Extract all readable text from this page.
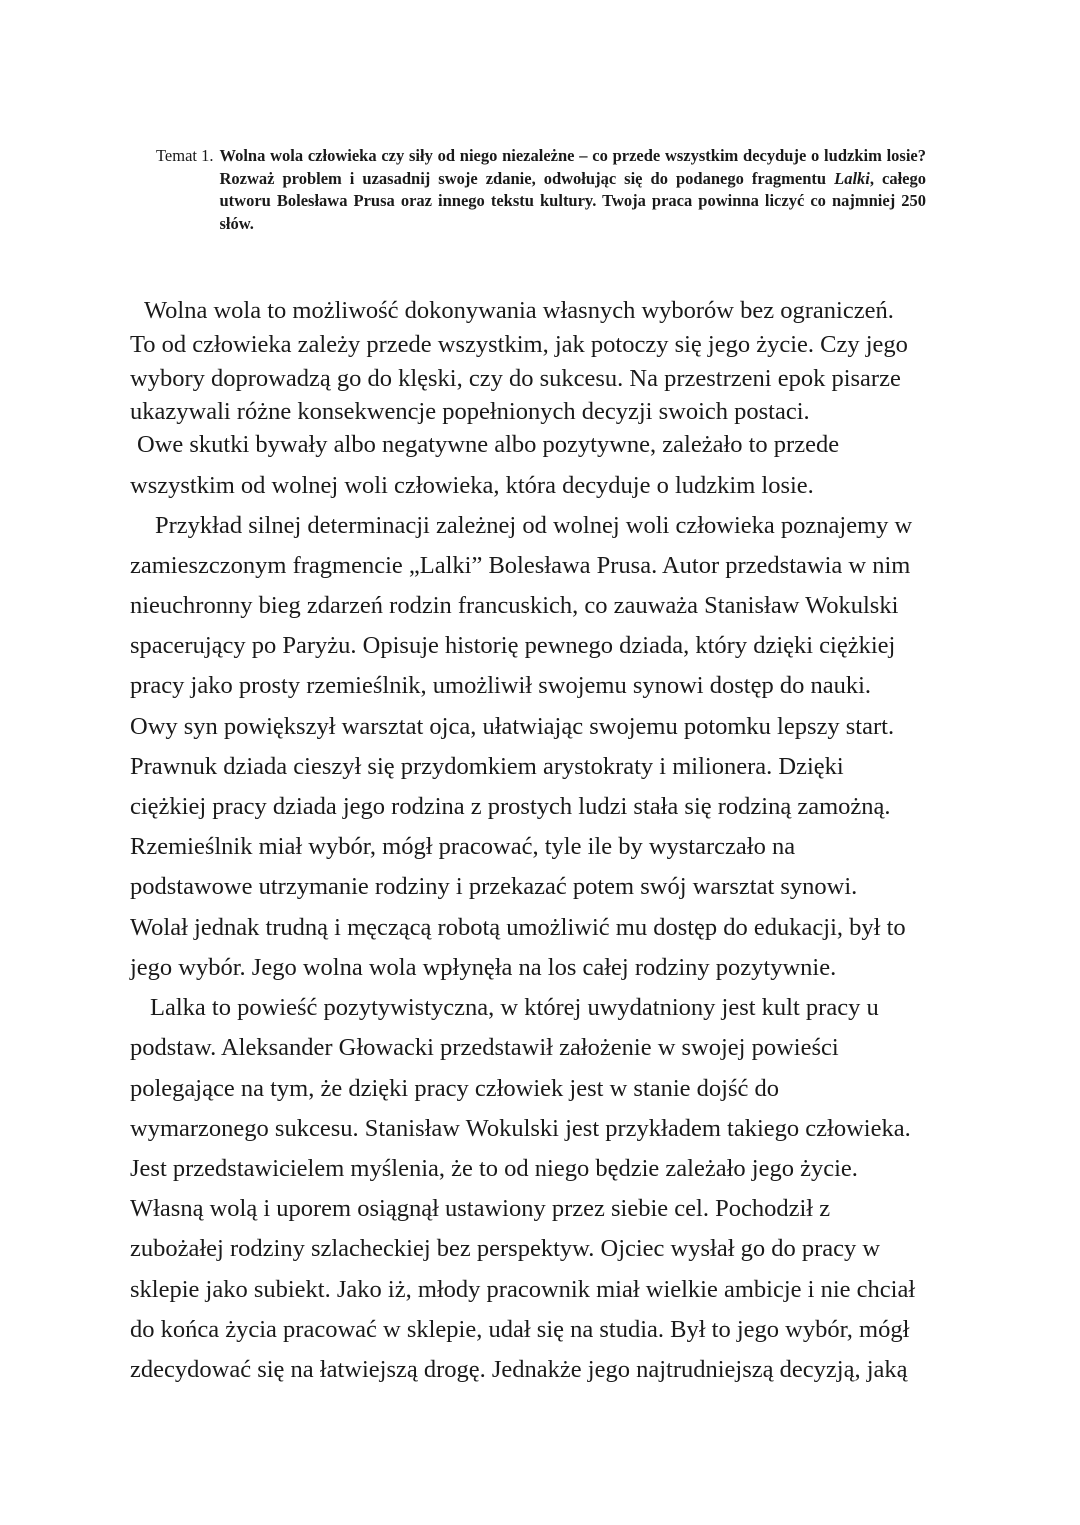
Temat 1. Wolna wola człowieka czy siły od niego niezależne – co przede wszystkim decyduje o ludzkim losie? Rozważ problem i uzasadnij swoje zdanie, odwołując się do podanego fragmentu Lalki, całego utworu Bolesława Prusa oraz innego tekstu kultury. Twoja praca powinna liczyć co najmniej 250 słów.
Wolna wola to możliwość dokonywania własnych wyborów bez ograniczeń.
To od człowieka zależy przede wszystkim, jak potoczy się jego życie. Czy jego
wybory doprowadzą go do klęski, czy do sukcesu. Na przestrzeni epok pisarze
ukazywali różne konsekwencje popełnionych decyzji swoich postaci.
Owe skutki bywały albo negatywne albo pozytywne, zależało to przede
wszystkim od wolnej woli człowieka, która decyduje o ludzkim losie.
Przykład silnej determinacji zależnej od wolnej woli człowieka poznajemy w
zamieszczonym fragmencie „Lalki” Bolesława Prusa. Autor przedstawia w nim
nieuchronny bieg zdarzeń rodzin francuskich, co zauważa Stanisław Wokulski
spacerujący po Paryżu. Opisuje historię pewnego dziada, który dzięki ciężkiej
pracy jako prosty rzemieślnik, umożliwił swojemu synowi dostęp do nauki.
Owy syn powiększył warsztat ojca, ułatwiając swojemu potomku lepszy start.
Prawnuk dziada cieszył się przydomkiem arystokraty i milionera. Dzięki
ciężkiej pracy dziada jego rodzina z prostych ludzi stała się rodziną zamożną.
Rzemieślnik miał wybór, mógł pracować, tyle ile by wystarczało na
podstawowe utrzymanie rodziny i przekazać potem swój warsztat synowi.
Wolał jednak trudną i męczącą robotą umożliwić mu dostęp do edukacji, był to
jego wybór. Jego wolna wola wpłynęła na los całej rodziny pozytywnie.
Lalka to powieść pozytywistyczna, w której uwydatniony jest kult pracy u
podstaw. Aleksander Głowacki przedstawił założenie w swojej powieści
polegające na tym, że dzięki pracy człowiek jest w stanie dojść do
wymarzonego sukcesu. Stanisław Wokulski jest przykładem takiego człowieka.
Jest przedstawicielem myślenia, że to od niego będzie zależało jego życie.
Własną wolą i uporem osiągnął ustawiony przez siebie cel. Pochodził z
zubożałej rodziny szlacheckiej bez perspektyw. Ojciec wysłał go do pracy w
sklepie jako subiekt. Jako iż, młody pracownik miał wielkie ambicje i nie chciał
do końca życia pracować w sklepie, udał się na studia. Był to jego wybór, mógł
zdecydować się na łatwiejszą drogę. Jednakże jego najtrudniejszą decyzją, jaką
